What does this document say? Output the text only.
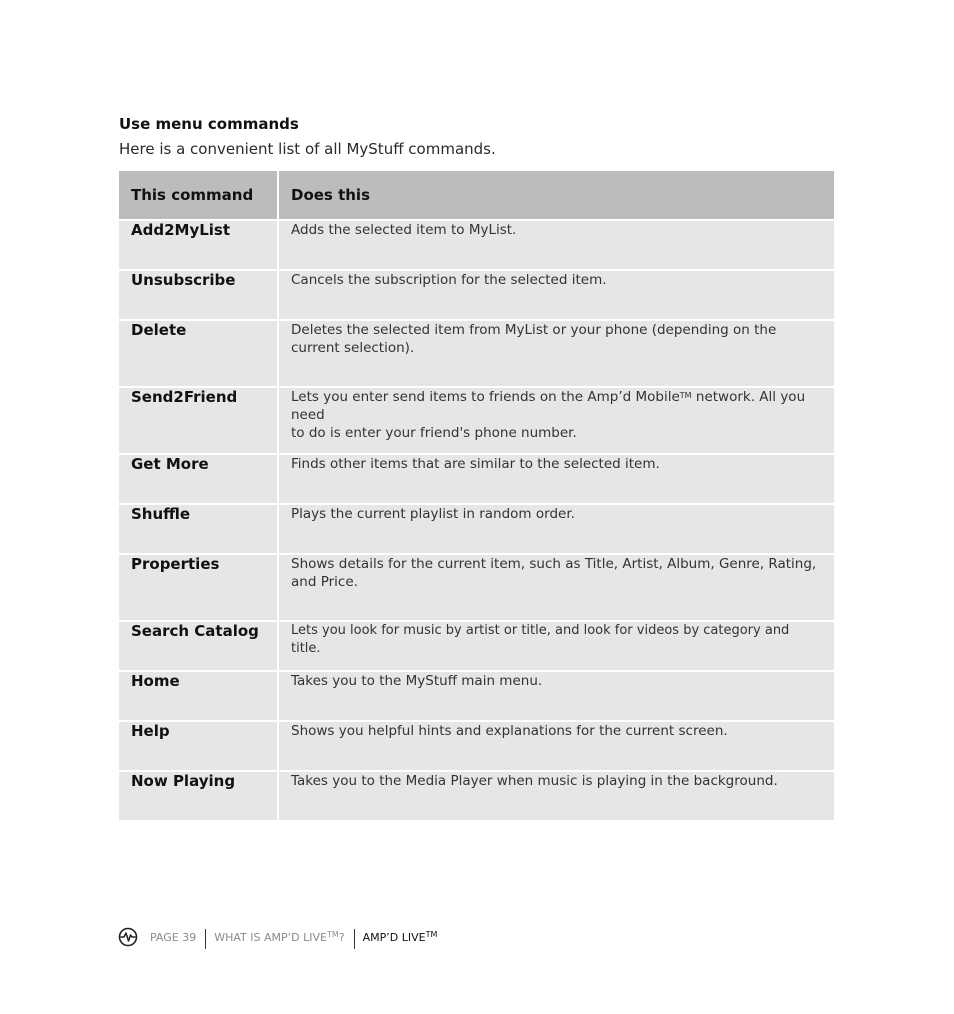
Use menu commands
Here is a convenient list of all MyStuff commands.
This command	Does this
Add2MyList	Adds the selected item to MyList.
Unsubscribe	Cancels the subscription for the selected item.
Delete	Deletes the selected item from MyList or your phone (depending on the
current selection).
Send2Friend	Lets you enter send items to friends on the Amp’d Mobile™ network. All you need
to do is enter your friend's phone number.
Get More	Finds other items that are similar to the selected item.
Shuffle	Plays the current playlist in random order.
Properties	Shows details for the current item, such as Title, Artist, Album, Genre, Rating,
and Price.
Search Catalog	Lets you look for music by artist or title, and look for videos by category and title.
Home	Takes you to the MyStuff main menu.
Help	Shows you helpful hints and explanations for the current screen.
Now Playing	Takes you to the Media Player when music is playing in the background.
PAGE 39 WHAT IS AMP’D LIVE™? AMP’D LIVE™
